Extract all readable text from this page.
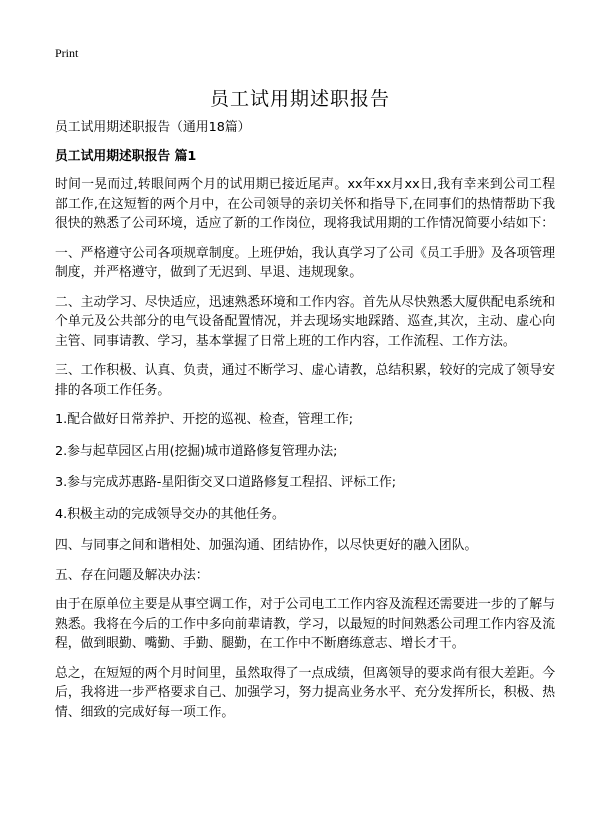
Print
员工试用期述职报告
员工试用期述职报告（通用18篇）
员工试用期述职报告 篇1

时间一晃而过,转眼间两个月的试用期已接近尾声。xx年xx月xx日,我有幸来到公司工程部工作,在这短暂的两个月中，在公司领导的亲切关怀和指导下,在同事们的热情帮助下我很快的熟悉了公司环境，适应了新的工作岗位，现将我试用期的工作情况简要小结如下：

一、严格遵守公司各项规章制度。上班伊始，我认真学习了公司《员工手册》及各项管理制度，并严格遵守，做到了无迟到、早退、违规现象。

二、主动学习、尽快适应，迅速熟悉环境和工作内容。首先从尽快熟悉大厦供配电系统和个单元及公共部分的电气设备配置情况，并去现场实地踩踏、巡查,其次，主动、虚心向主管、同事请教、学习，基本掌握了日常上班的工作内容，工作流程、工作方法。

三、工作积极、认真、负责，通过不断学习、虚心请教，总结积累，较好的完成了领导安排的各项工作任务。

1.配合做好日常养护、开挖的巡视、检查，管理工作;
2.参与起草园区占用(挖掘)城市道路修复管理办法;
3.参与完成苏惠路-星阳街交叉口道路修复工程招、评标工作;
4.积极主动的完成领导交办的其他任务。

四、与同事之间和谐相处、加强沟通、团结协作，以尽快更好的融入团队。

五、存在问题及解决办法：

由于在原单位主要是从事空调工作，对于公司电工工作内容及流程还需要进一步的了解与熟悉。我将在今后的工作中多向前辈请教，学习，以最短的时间熟悉公司理工作内容及流程，做到眼勤、嘴勤、手勤、腿勤，在工作中不断磨练意志、增长才干。

总之，在短短的两个月时间里，虽然取得了一点成绩，但离领导的要求尚有很大差距。今后，我将进一步严格要求自己、加强学习，努力提高业务水平、充分发挥所长，积极、热情、细致的完成好每一项工作。
